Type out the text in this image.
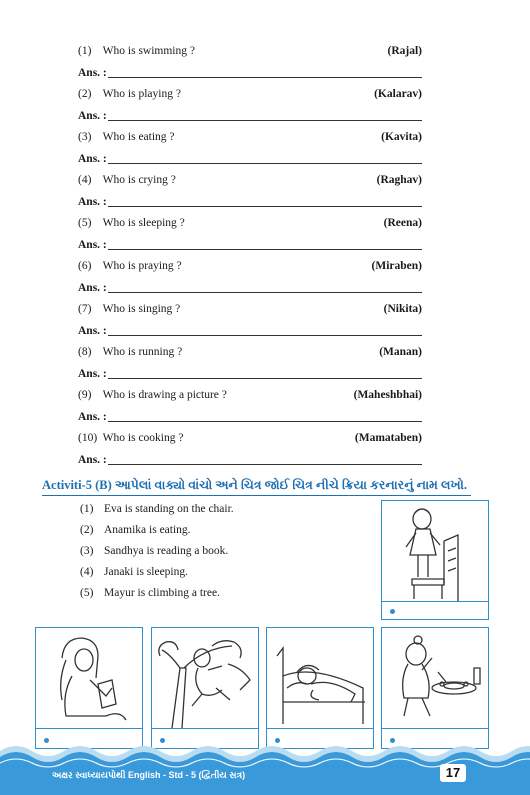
(1) Who is swimming ?	(Rajal)
Ans. :
(2) Who is playing ?	(Kalarav)
Ans. :
(3) Who is eating ?	(Kavita)
Ans. :
(4) Who is crying ?	(Raghav)
Ans. :
(5) Who is sleeping ?	(Reena)
Ans. :
(6) Who is praying ?	(Miraben)
Ans. :
(7) Who is singing ?	(Nikita)
Ans. :
(8) Who is running ?	(Manan)
Ans. :
(9) Who is drawing a picture ?	(Maheshbhai)
Ans. :
(10) Who is cooking ?	(Mamataben)
Ans. :
Activiti-5 (B) આપેલાં વાક્યો વાંચો અને ચિત્ર જોઈ ચિત્ર નીચે ક્રિયા કરનારનું નામ લખો.
(1) Eva is standing on the chair.
(2) Anamika is eating.
(3) Sandhya is reading a book.
(4) Janaki is sleeping.
(5) Mayur is climbing a tree.
અક્ષર સ્વાધ્યાયપોથી English - Std - 5 (દ્વિતીય સત્ર)	17
